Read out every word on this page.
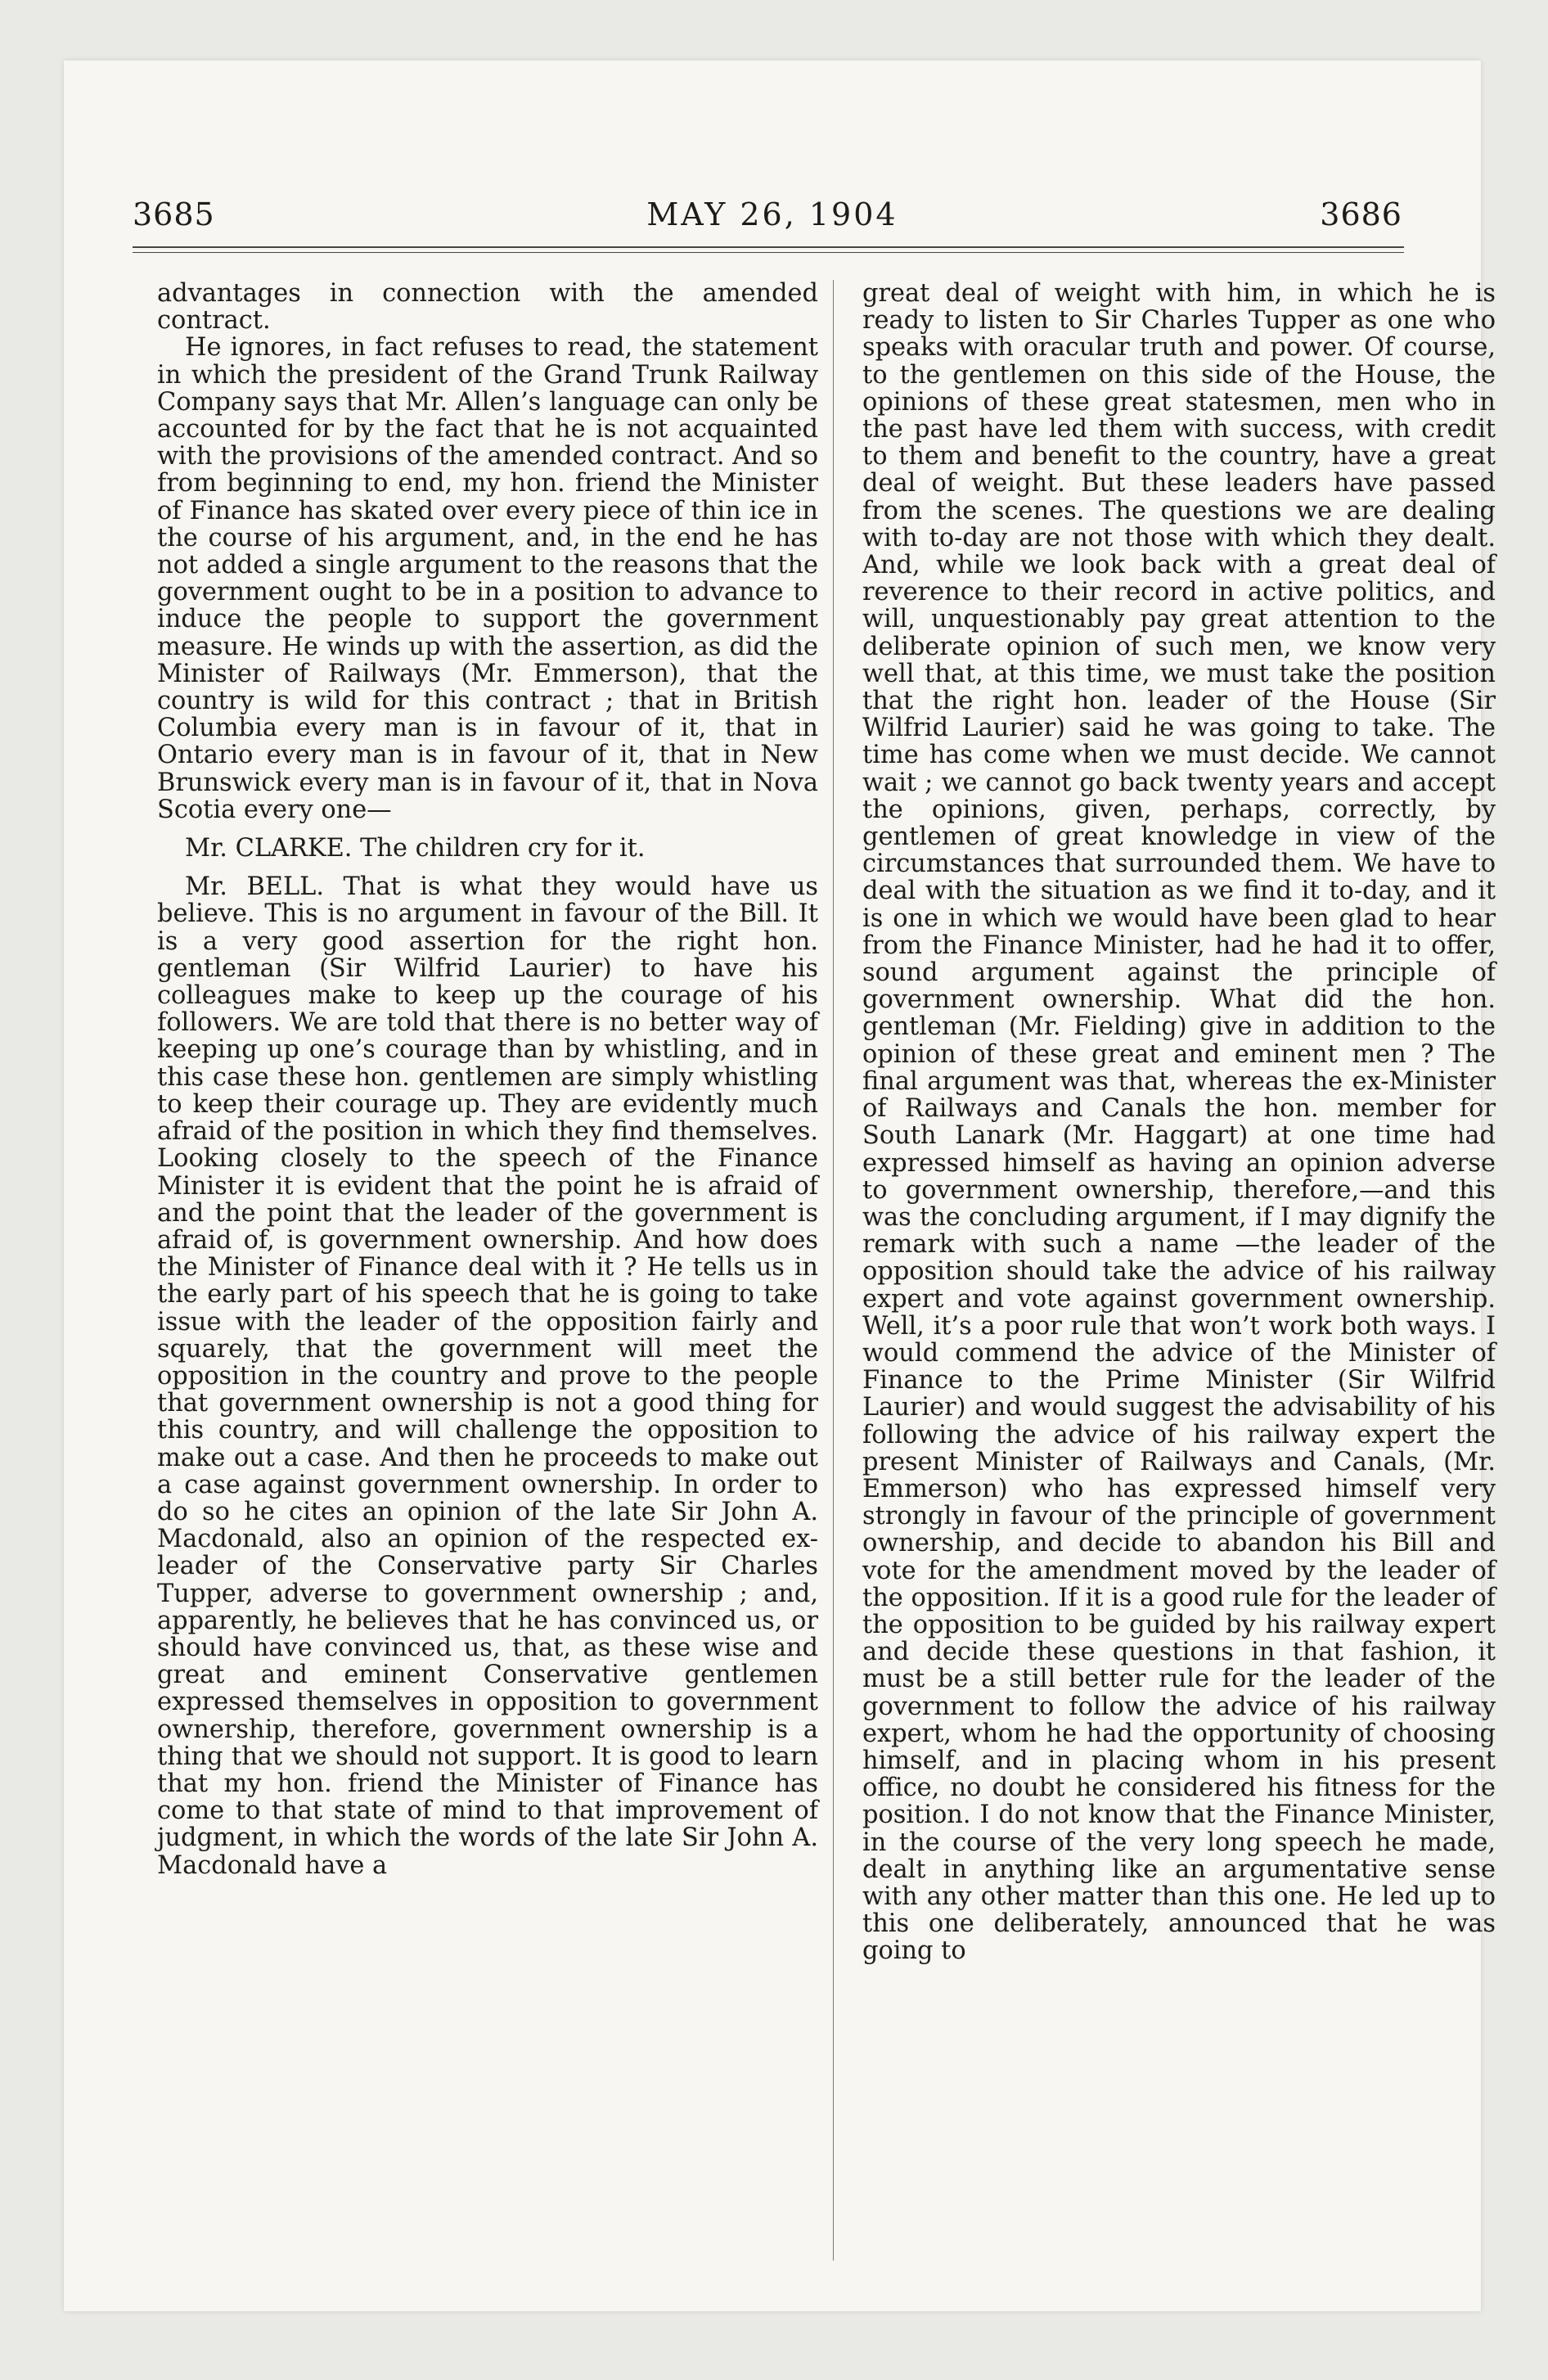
3685	MAY 26, 1904	3686

advantages in connection with the amended contract.

He ignores, in fact refuses to read, the statement in which the president of the Grand Trunk Railway Company says that Mr. Allen’s language can only be accounted for by the fact that he is not acquainted with the provisions of the amended contract. And so from beginning to end, my hon. friend the Minister of Finance has skated over every piece of thin ice in the course of his argument, and, in the end he has not added a single argument to the reasons that the government ought to be in a position to advance to induce the people to support the government measure. He winds up with the assertion, as did the Minister of Railways (Mr. Emmerson), that the country is wild for this contract ; that in British Columbia every man is in favour of it, that in Ontario every man is in favour of it, that in New Brunswick every man is in favour of it, that in Nova Scotia every one—

Mr. CLARKE. The children cry for it.

Mr. BELL. That is what they would have us believe. This is no argument in favour of the Bill. It is a very good assertion for the right hon. gentleman (Sir Wilfrid Laurier) to have his colleagues make to keep up the courage of his followers. We are told that there is no better way of keeping up one’s courage than by whistling, and in this case these hon. gentlemen are simply whistling to keep their courage up. They are evidently much afraid of the position in which they find themselves. Looking closely to the speech of the Finance Minister it is evident that the point he is afraid of and the point that the leader of the government is afraid of, is government ownership. And how does the Minister of Finance deal with it ? He tells us in the early part of his speech that he is going to take issue with the leader of the opposition fairly and squarely, that the government will meet the opposition in the country and prove to the people that government ownership is not a good thing for this country, and will challenge the opposition to make out a case. And then he proceeds to make out a case against government ownership. In order to do so he cites an opinion of the late Sir John A. Macdonald, also an opinion of the respected ex-leader of the Conservative party Sir Charles Tupper, adverse to government ownership ; and, apparently, he believes that he has convinced us, or should have convinced us, that, as these wise and great and eminent Conservative gentlemen expressed themselves in opposition to government ownership, therefore, government ownership is a thing that we should not support. It is good to learn that my hon. friend the Minister of Finance has come to that state of mind to that improvement of judgment, in which the words of the late Sir John A. Macdonald have a

great deal of weight with him, in which he is ready to listen to Sir Charles Tupper as one who speaks with oracular truth and power. Of course, to the gentlemen on this side of the House, the opinions of these great statesmen, men who in the past have led them with success, with credit to them and benefit to the country, have a great deal of weight. But these leaders have passed from the scenes. The questions we are dealing with to-day are not those with which they dealt. And, while we look back with a great deal of reverence to their record in active politics, and will, unquestionably pay great attention to the deliberate opinion of such men, we know very well that, at this time, we must take the position that the right hon. leader of the House (Sir Wilfrid Laurier) said he was going to take. The time has come when we must decide. We cannot wait ; we cannot go back twenty years and accept the opinions, given, perhaps, correctly, by gentlemen of great knowledge in view of the circumstances that surrounded them. We have to deal with the situation as we find it to-day, and it is one in which we would have been glad to hear from the Finance Minister, had he had it to offer, sound argument against the principle of government ownership. What did the hon. gentleman (Mr. Fielding) give in addition to the opinion of these great and eminent men ? The final argument was that, whereas the ex-Minister of Railways and Canals the hon. member for South Lanark (Mr. Haggart) at one time had expressed himself as having an opinion adverse to government ownership, therefore,—and this was the concluding argument, if I may dignify the remark with such a name —the leader of the opposition should take the advice of his railway expert and vote against government ownership. Well, it’s a poor rule that won’t work both ways. I would commend the advice of the Minister of Finance to the Prime Minister (Sir Wilfrid Laurier) and would suggest the advisability of his following the advice of his railway expert the present Minister of Railways and Canals, (Mr. Emmerson) who has expressed himself very strongly in favour of the principle of government ownership, and decide to abandon his Bill and vote for the amendment moved by the leader of the opposition. If it is a good rule for the leader of the opposition to be guided by his railway expert and decide these questions in that fashion, it must be a still better rule for the leader of the government to follow the advice of his railway expert, whom he had the opportunity of choosing himself, and in placing whom in his present office, no doubt he considered his fitness for the position. I do not know that the Finance Minister, in the course of the very long speech he made, dealt in anything like an argumentative sense with any other matter than this one. He led up to this one deliberately, announced that he was going to
